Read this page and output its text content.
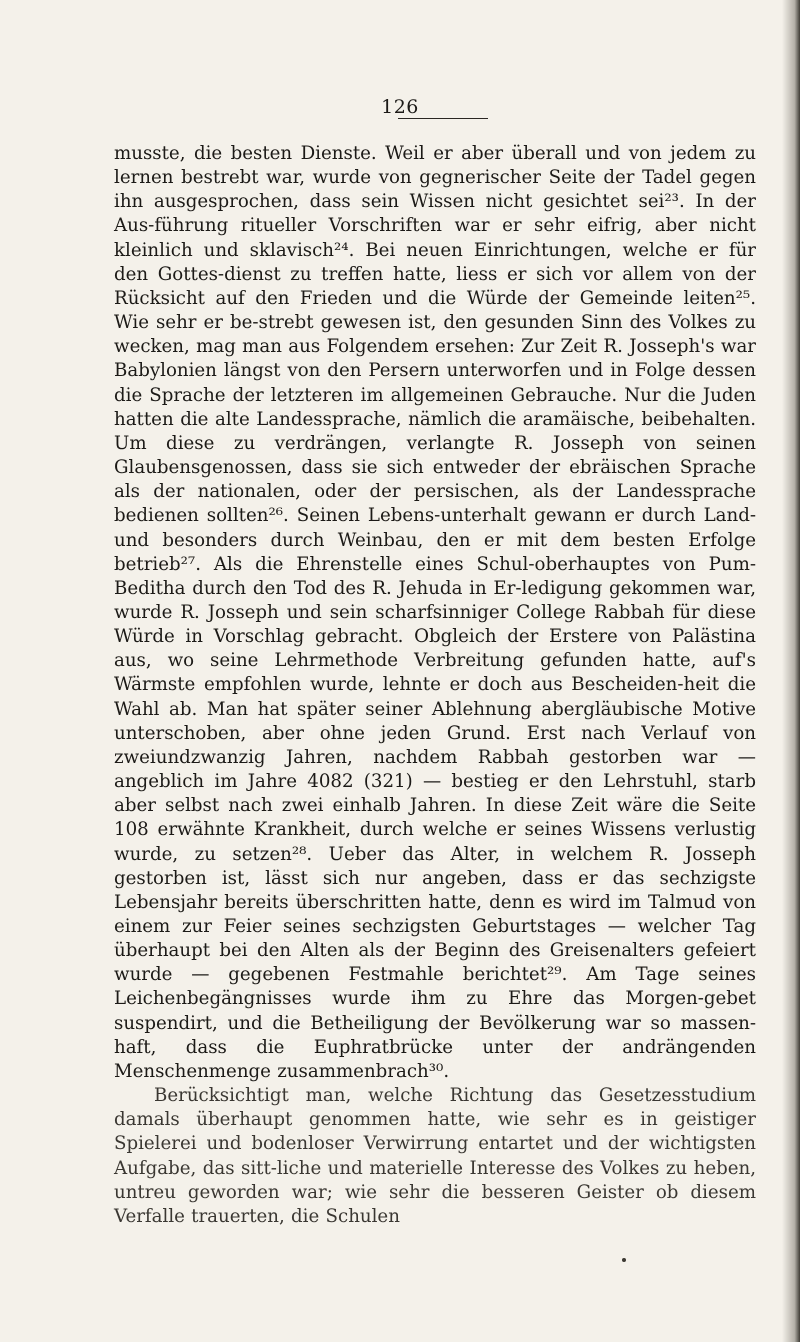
126

musste, die besten Dienste. Weil er aber überall und von jedem zu lernen bestrebt war, wurde von gegnerischer Seite der Tadel gegen ihn ausgesprochen, dass sein Wissen nicht gesichtet sei²³. In der Aus-führung ritueller Vorschriften war er sehr eifrig, aber nicht kleinlich und sklavisch²⁴. Bei neuen Einrichtungen, welche er für den Gottes-dienst zu treffen hatte, liess er sich vor allem von der Rücksicht auf den Frieden und die Würde der Gemeinde leiten²⁵. Wie sehr er be-strebt gewesen ist, den gesunden Sinn des Volkes zu wecken, mag man aus Folgendem ersehen: Zur Zeit R. Josseph's war Babylonien längst von den Persern unterworfen und in Folge dessen die Sprache der letzteren im allgemeinen Gebrauche. Nur die Juden hatten die alte Landessprache, nämlich die aramäische, beibehalten. Um diese zu verdrängen, verlangte R. Josseph von seinen Glaubensgenossen, dass sie sich entweder der ebräischen Sprache als der nationalen, oder der persischen, als der Landessprache bedienen sollten²⁶. Seinen Lebens-unterhalt gewann er durch Land- und besonders durch Weinbau, den er mit dem besten Erfolge betrieb²⁷. Als die Ehrenstelle eines Schul-oberhauptes von Pum-Beditha durch den Tod des R. Jehuda in Er-ledigung gekommen war, wurde R. Josseph und sein scharfsinniger College Rabbah für diese Würde in Vorschlag gebracht. Obgleich der Erstere von Palästina aus, wo seine Lehrmethode Verbreitung gefunden hatte, auf's Wärmste empfohlen wurde, lehnte er doch aus Bescheiden-heit die Wahl ab. Man hat später seiner Ablehnung abergläubische Motive unterschoben, aber ohne jeden Grund. Erst nach Verlauf von zweiundzwanzig Jahren, nachdem Rabbah gestorben war — angeblich im Jahre 4082 (321) — bestieg er den Lehrstuhl, starb aber selbst nach zwei einhalb Jahren. In diese Zeit wäre die Seite 108 erwähnte Krankheit, durch welche er seines Wissens verlustig wurde, zu setzen²⁸. Ueber das Alter, in welchem R. Josseph gestorben ist, lässt sich nur angeben, dass er das sechzigste Lebensjahr bereits überschritten hatte, denn es wird im Talmud von einem zur Feier seines sechzigsten Geburtstages — welcher Tag überhaupt bei den Alten als der Beginn des Greisenalters gefeiert wurde — gegebenen Festmahle berichtet²⁹. Am Tage seines Leichenbegängnisses wurde ihm zu Ehre das Morgen-gebet suspendirt, und die Betheiligung der Bevölkerung war so massen-haft, dass die Euphratbrücke unter der andrängenden Menschenmenge zusammenbrach³⁰.

Berücksichtigt man, welche Richtung das Gesetzesstudium damals überhaupt genommen hatte, wie sehr es in geistiger Spielerei und bodenloser Verwirrung entartet und der wichtigsten Aufgabe, das sitt-liche und materielle Interesse des Volkes zu heben, untreu geworden war; wie sehr die besseren Geister ob diesem Verfalle trauerten, die Schulen
